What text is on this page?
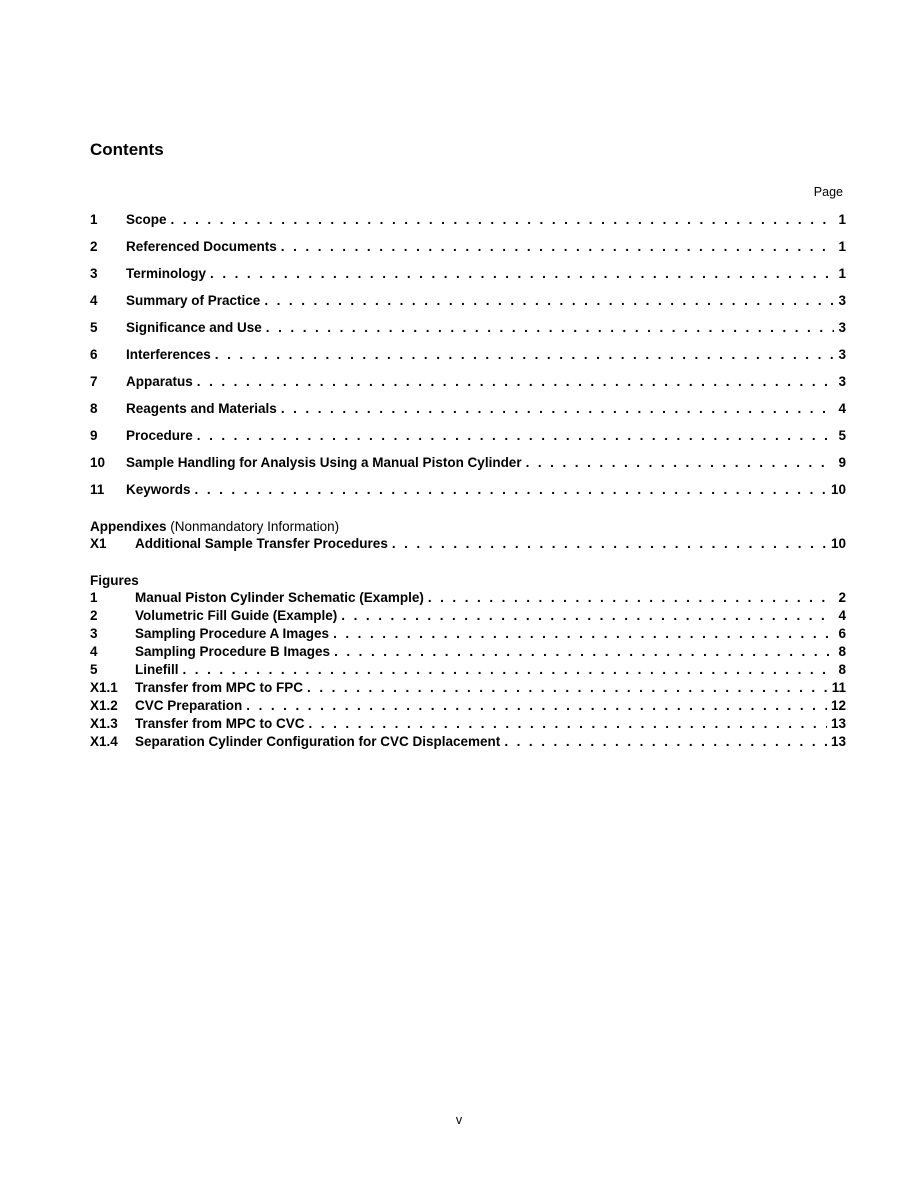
Contents
Page
1	Scope . . .	1
2	Referenced Documents . . .	1
3	Terminology . . .	1
4	Summary of Practice . . .	3
5	Significance and Use . . .	3
6	Interferences . . .	3
7	Apparatus . . .	3
8	Reagents and Materials . . .	4
9	Procedure . . .	5
10	Sample Handling for Analysis Using a Manual Piston Cylinder . . .	9
11	Keywords . . .	10
Appendixes (Nonmandatory Information)
X1	Additional Sample Transfer Procedures . . .	10
Figures
1	Manual Piston Cylinder Schematic (Example) . . .	2
2	Volumetric Fill Guide (Example) . . .	4
3	Sampling Procedure A Images . . .	6
4	Sampling Procedure B Images . . .	8
5	Linefill . . .	8
X1.1	Transfer from MPC to FPC . . .	11
X1.2	CVC Preparation . . .	12
X1.3	Transfer from MPC to CVC . . .	13
X1.4	Separation Cylinder Configuration for CVC Displacement . . .	13
v
